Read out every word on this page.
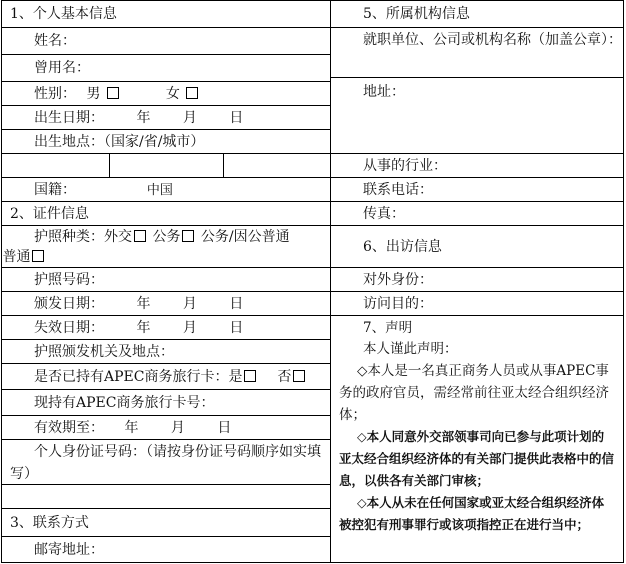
1、个人基本信息
姓名：
曾用名：
性别： 男	女
出生日期： 年 月 日
出生地点：（国家/省/城市）
国籍：	中国
2、证件信息
护照种类：外交 公务 公务/因公普通
普通
护照号码：
颁发日期： 年 月 日
失效日期： 年 月 日
护照颁发机关及地点：
是否已持有APEC商务旅行卡：是 否
现持有APEC商务旅行卡号：
有效期至： 年 月 日
个人身份证号码：（请按身份证号码顺序如实填写）
3、联系方式
邮寄地址：
5、所属机构信息
就职单位、公司或机构名称（加盖公章）：
地址：
从事的行业：
联系电话：
传真：
6、出访信息
对外身份：
访问目的：
7、声明
本人谨此声明：
◇本人是一名真正商务人员或从事APEC事务的政府官员，需经常前往亚太经合组织经济体；
◇本人同意外交部领事司向已参与此项计划的亚太经合组织经济体的有关部门提供此表格中的信息，以供各有关部门审核；
◇本人从未在任何国家或亚太经合组织经济体被控犯有刑事罪行或该项指控正在进行当中；
